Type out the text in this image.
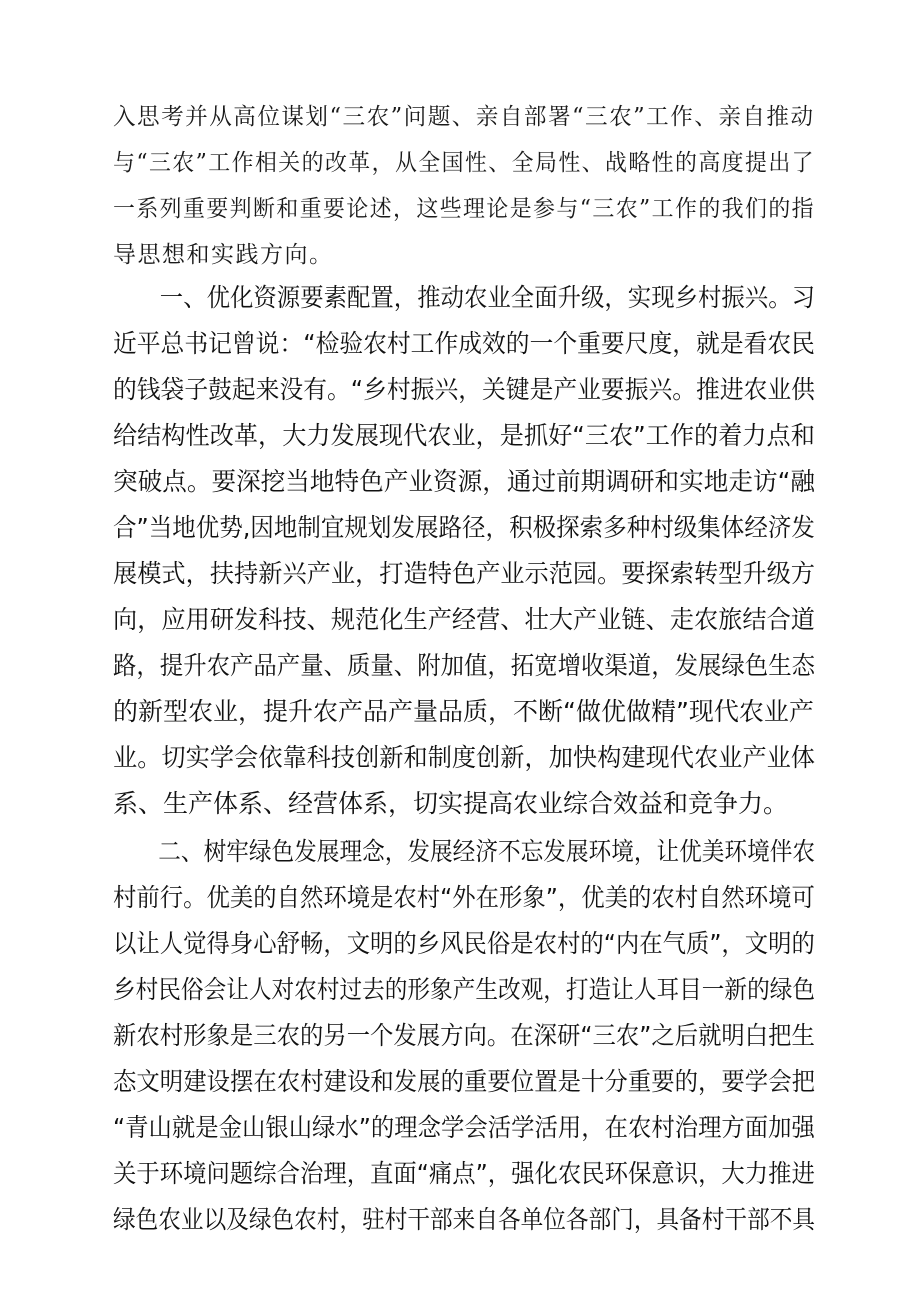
入思考并从高位谋划“三农”问题、亲自部署“三农”工作、亲自推动
与“三农”工作相关的改革，从全国性、全局性、战略性的高度提出了
一系列重要判断和重要论述，这些理论是参与“三农”工作的我们的指
导思想和实践方向。
　　一、优化资源要素配置，推动农业全面升级，实现乡村振兴。习
近平总书记曾说：“检验农村工作成效的一个重要尺度，就是看农民
的钱袋子鼓起来没有。“乡村振兴，关键是产业要振兴。推进农业供
给结构性改革，大力发展现代农业，是抓好“三农”工作的着力点和
突破点。要深挖当地特色产业资源，通过前期调研和实地走访“融
合”当地优势,因地制宜规划发展路径，积极探索多种村级集体经济发
展模式，扶持新兴产业，打造特色产业示范园。要探索转型升级方
向，应用研发科技、规范化生产经营、壮大产业链、走农旅结合道
路，提升农产品产量、质量、附加值，拓宽增收渠道，发展绿色生态
的新型农业，提升农产品产量品质，不断“做优做精”现代农业产
业。切实学会依靠科技创新和制度创新，加快构建现代农业产业体
系、生产体系、经营体系，切实提高农业综合效益和竞争力。
　　二、树牢绿色发展理念，发展经济不忘发展环境，让优美环境伴农
村前行。优美的自然环境是农村“外在形象”，优美的农村自然环境可
以让人觉得身心舒畅，文明的乡风民俗是农村的“内在气质”，文明的
乡村民俗会让人对农村过去的形象产生改观，打造让人耳目一新的绿色
新农村形象是三农的另一个发展方向。在深研“三农”之后就明白把生
态文明建设摆在农村建设和发展的重要位置是十分重要的，要学会把
“青山就是金山银山绿水”的理念学会活学活用，在农村治理方面加强
关于环境问题综合治理，直面“痛点”，强化农民环保意识，大力推进
绿色农业以及绿色农村，驻村干部来自各单位各部门，具备村干部不具
